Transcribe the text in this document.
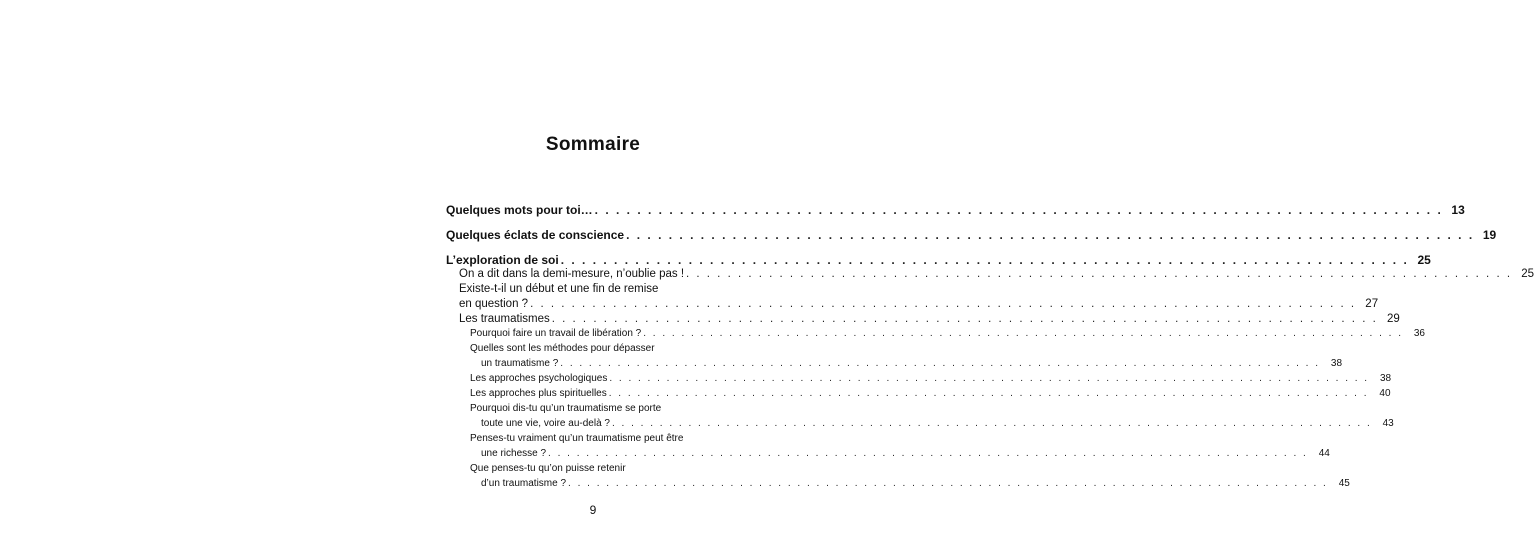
Sommaire
Quelques mots pour toi… . . . . . . . . . . . . . . . . . . . . . . . . . . . . . . . . . . . . . . . . . . . . . . . . . . . . . . . . . . . . . . . . . . . . . . . . . . . . . . . . 13
Quelques éclats de conscience . . . . . . . . . . . . . . . . . . . . . . . . . . . . . . . . . . . . . . . . . . . . . . . . . . . . . . . . . . . . . . . . . . . . . . . . . . . . . . . . 19
L’exploration de soi . . . . . . . . . . . . . . . . . . . . . . . . . . . . . . . . . . . . . . . . . . . . . . . . . . . . . . . . . . . . . . . . . . . . . . . . . . . . . . . . 25
On a dit dans la demi-mesure, n’oublie pas ! . . . . . . . . . . . . . . . . . . . . . . . . . . . . . . . . . . . . . . . . . . . . . . . . . . . . . . . . . . . . . . . . . . . . . . . . . . . . . . . . 25
Existe-t-il un début et une fin de remise
en question ? . . . . . . . . . . . . . . . . . . . . . . . . . . . . . . . . . . . . . . . . . . . . . . . . . . . . . . . . . . . . . . . . . . . . . . . . . . . . . . . . 27
Les traumatismes . . . . . . . . . . . . . . . . . . . . . . . . . . . . . . . . . . . . . . . . . . . . . . . . . . . . . . . . . . . . . . . . . . . . . . . . . . . . . . . . 29
Pourquoi faire un travail de libération ? . . . . . . . . . . . . . . . . . . . . . . . . . . . . . . . . . . . . . . . . . . . . . . . . . . . . . . . . . . . . . . . . . . . . . . . . . . . . . . . .	36
Quelles sont les méthodes pour dépasser
un traumatisme ? . . . . . . . . . . . . . . . . . . . . . . . . . . . . . . . . . . . . . . . . . . . . . . . . . . . . . . . . . . . . . . . . . . . . . . . . . . . . . . . .	38
Les approches psychologiques . . . . . . . . . . . . . . . . . . . . . . . . . . . . . . . . . . . . . . . . . . . . . . . . . . . . . . . . . . . . . . . . . . . . . . . . . . . . . . . .	38
Les approches plus spirituelles . . . . . . . . . . . . . . . . . . . . . . . . . . . . . . . . . . . . . . . . . . . . . . . . . . . . . . . . . . . . . . . . . . . . . . . . . . . . . . . .	40
Pourquoi dis-tu qu’un traumatisme se porte
toute une vie, voire au-delà ? . . . . . . . . . . . . . . . . . . . . . . . . . . . . . . . . . . . . . . . . . . . . . . . . . . . . . . . . . . . . . . . . . . . . . . . . . . . . . . . .	43
Penses-tu vraiment qu’un traumatisme peut être
une richesse ? . . . . . . . . . . . . . . . . . . . . . . . . . . . . . . . . . . . . . . . . . . . . . . . . . . . . . . . . . . . . . . . . . . . . . . . . . . . . . . . .	44
Que penses-tu qu’on puisse retenir
d’un traumatisme ? . . . . . . . . . . . . . . . . . . . . . . . . . . . . . . . . . . . . . . . . . . . . . . . . . . . . . . . . . . . . . . . . . . . . . . . . . . . . . . . .	45
9
